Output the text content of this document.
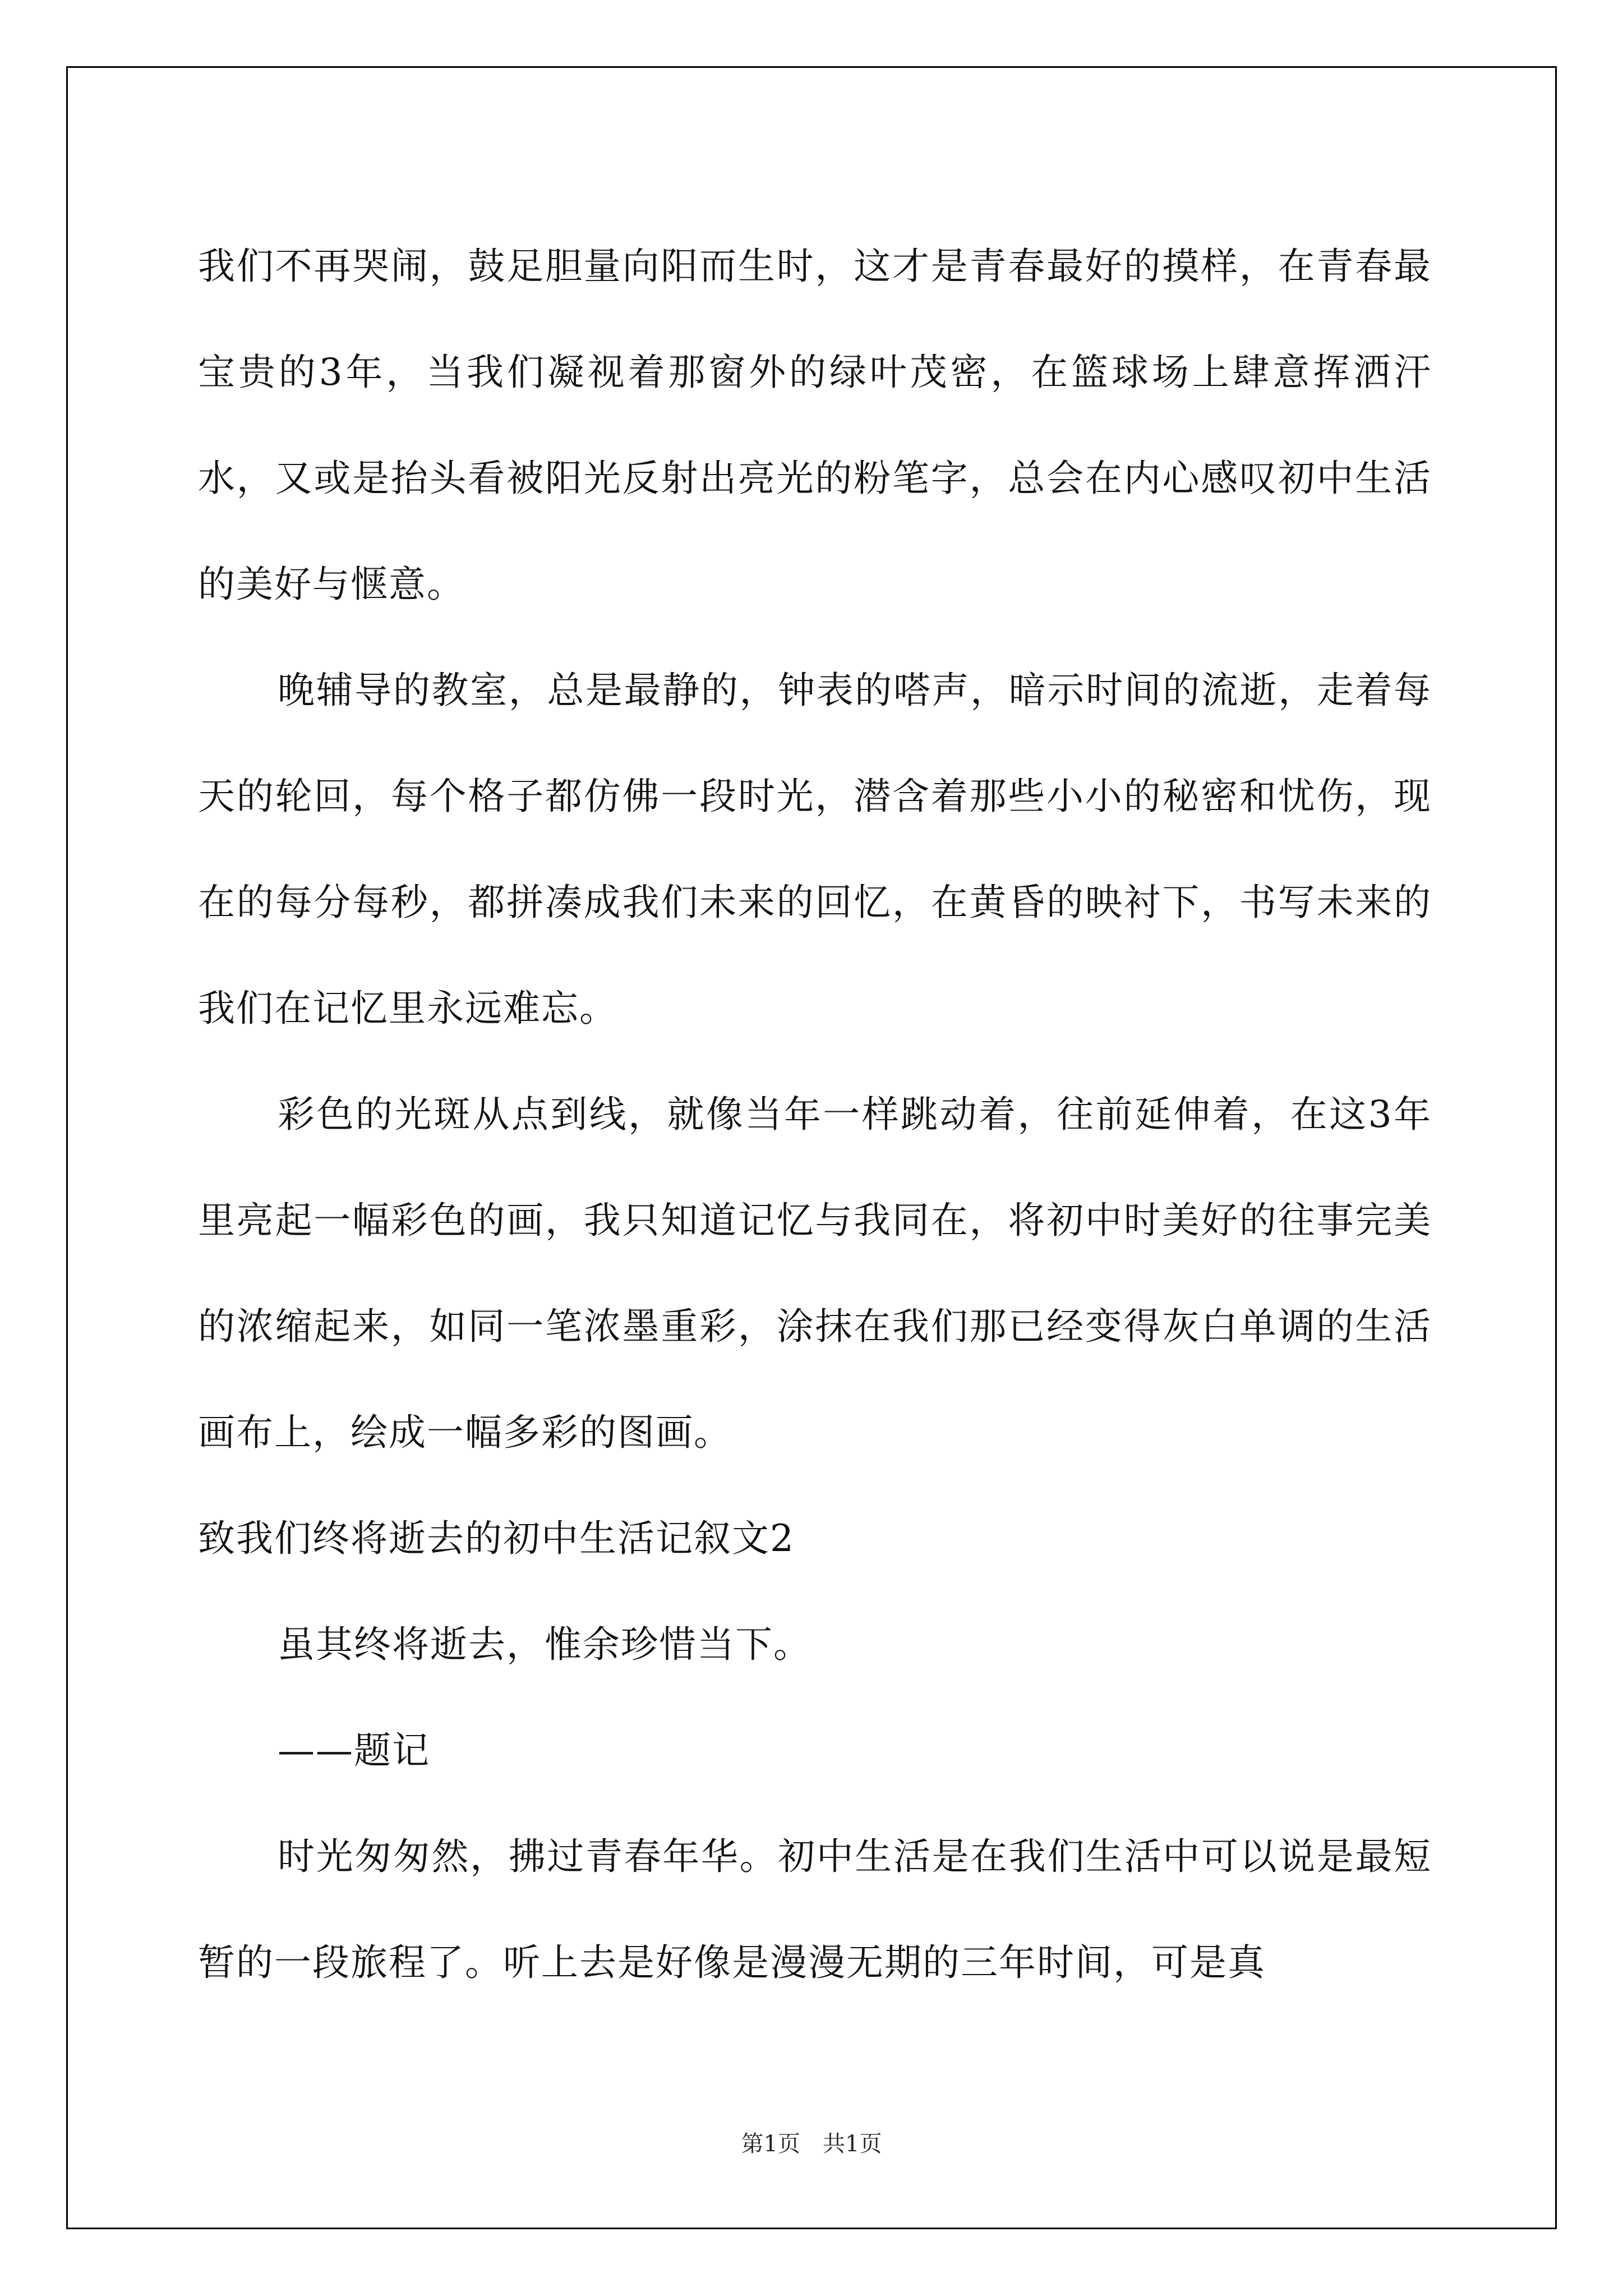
我们不再哭闹，鼓足胆量向阳而生时，这才是青春最好的摸样，在青春最宝贵的3年，当我们凝视着那窗外的绿叶茂密，在篮球场上肆意挥洒汗水，又或是抬头看被阳光反射出亮光的粉笔字，总会在内心感叹初中生活的美好与惬意。

晚辅导的教室，总是最静的，钟表的嗒声，暗示时间的流逝，走着每天的轮回，每个格子都仿佛一段时光，潜含着那些小小的秘密和忧伤，现在的每分每秒，都拼凑成我们未来的回忆，在黄昏的映衬下，书写未来的我们在记忆里永远难忘。

彩色的光斑从点到线，就像当年一样跳动着，往前延伸着，在这3年里亮起一幅彩色的画，我只知道记忆与我同在，将初中时美好的往事完美的浓缩起来，如同一笔浓墨重彩，涂抹在我们那已经变得灰白单调的生活画布上，绘成一幅多彩的图画。

致我们终将逝去的初中生活记叙文2

虽其终将逝去，惟余珍惜当下。

——题记

时光匆匆然，拂过青春年华。初中生活是在我们生活中可以说是最短暂的一段旅程了。听上去是好像是漫漫无期的三年时间，可是真

第1页　共1页
